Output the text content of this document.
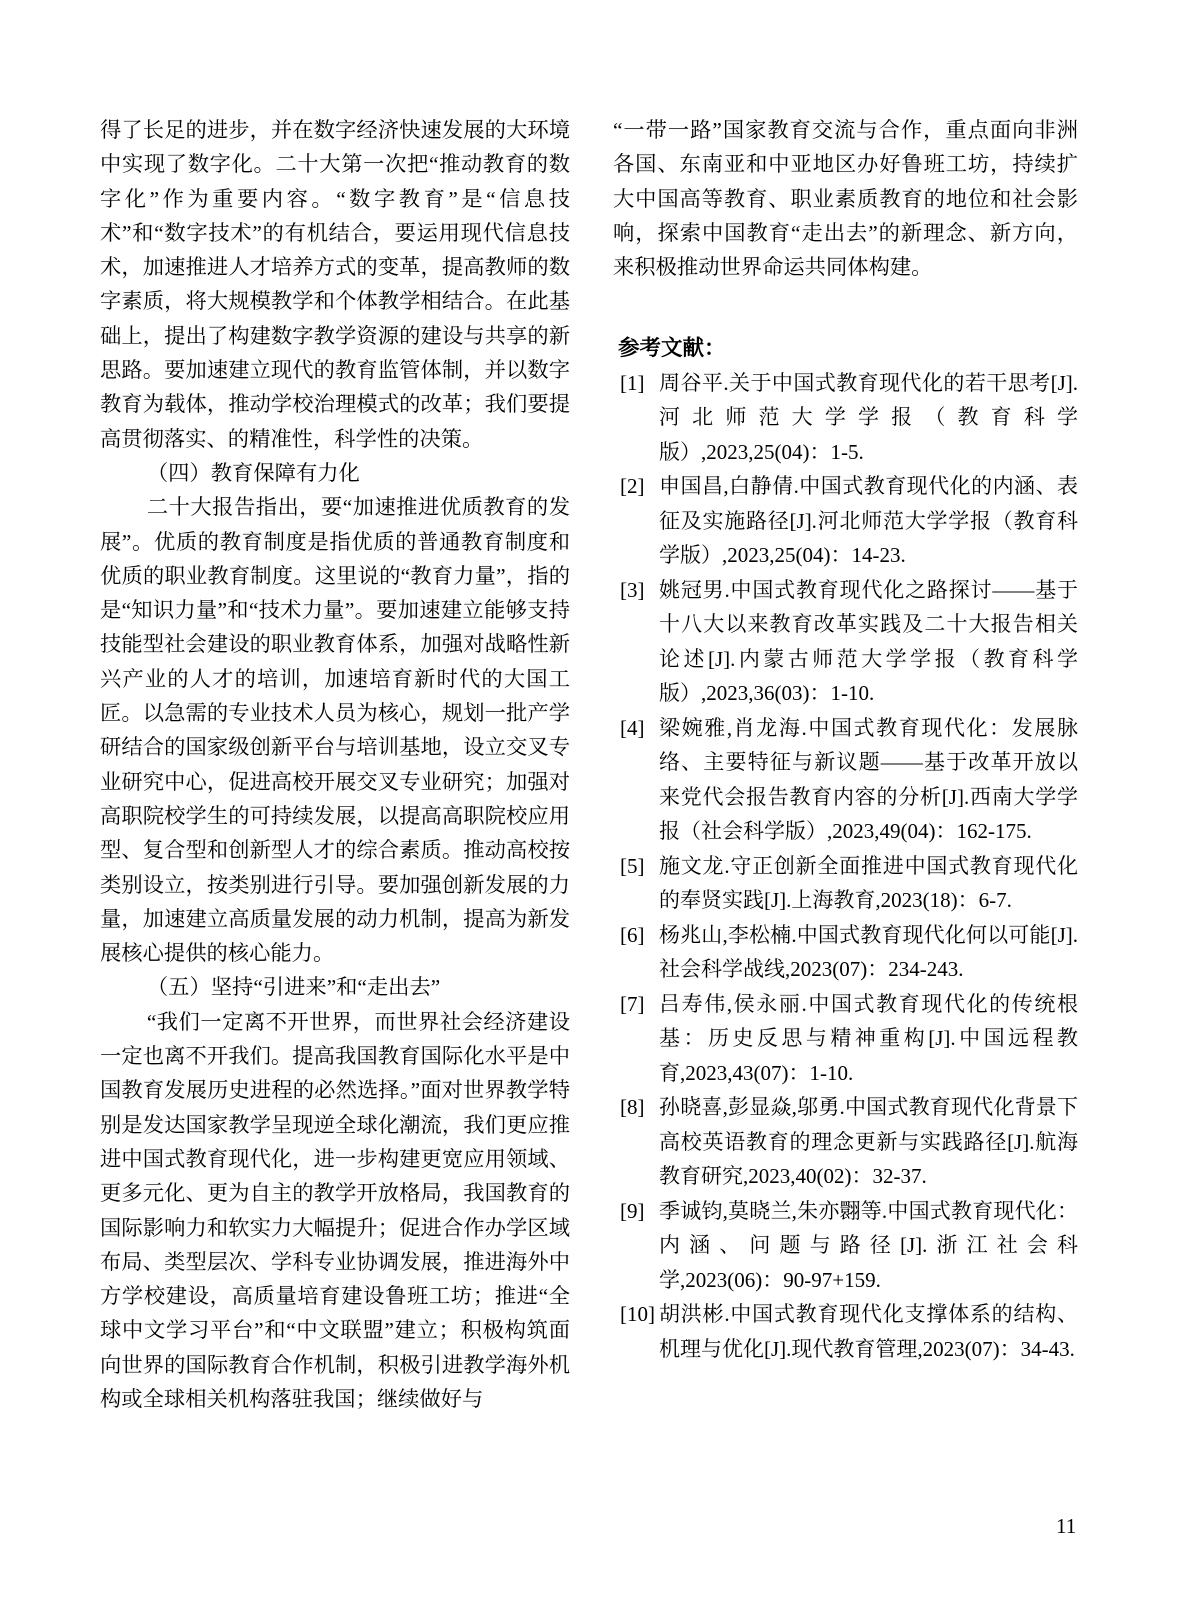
得了长足的进步，并在数字经济快速发展的大环境中实现了数字化。二十大第一次把“推动教育的数字化”作为重要内容。“数字教育”是“信息技术”和“数字技术”的有机结合，要运用现代信息技术，加速推进人才培养方式的变革，提高教师的数字素质，将大规模教学和个体教学相结合。在此基础上，提出了构建数字教学资源的建设与共享的新思路。要加速建立现代的教育监管体制，并以数字教育为载体，推动学校治理模式的改革；我们要提高贯彻落实、的精准性，科学性的决策。

（四）教育保障有力化

二十大报告指出，要“加速推进优质教育的发展”。优质的教育制度是指优质的普通教育制度和优质的职业教育制度。这里说的“教育力量”，指的是“知识力量”和“技术力量”。要加速建立能够支持技能型社会建设的职业教育体系，加强对战略性新兴产业的人才的培训，加速培育新时代的大国工匠。以急需的专业技术人员为核心，规划一批产学研结合的国家级创新平台与培训基地，设立交叉专业研究中心，促进高校开展交叉专业研究；加强对高职院校学生的可持续发展，以提高高职院校应用型、复合型和创新型人才的综合素质。推动高校按类别设立，按类别进行引导。要加强创新发展的力量，加速建立高质量发展的动力机制，提高为新发展核心提供的核心能力。

（五）坚持“引进来”和“走出去”

“我们一定离不开世界，而世界社会经济建设一定也离不开我们。提高我国教育国际化水平是中国教育发展历史进程的必然选择。”面对世界教学特别是发达国家教学呈现逆全球化潮流，我们更应推进中国式教育现代化，进一步构建更宽应用领域、更多元化、更为自主的教学开放格局，我国教育的国际影响力和软实力大幅提升；促进合作办学区域布局、类型层次、学科专业协调发展，推进海外中方学校建设，高质量培育建设鲁班工坊；推进“全球中文学习平台”和“中文联盟”建立；积极构筑面向世界的国际教育合作机制，积极引进教学海外机构或全球相关机构落驻我国；继续做好与

“一带一路”国家教育交流与合作，重点面向非洲各国、东南亚和中亚地区办好鲁班工坊，持续扩大中国高等教育、职业素质教育的地位和社会影响，探索中国教育“走出去”的新理念、新方向，来积极推动世界命运共同体构建。

参考文献：
[1] 周谷平.关于中国式教育现代化的若干思考[J].河北师范大学学报（教育科学版）,2023,25(04)：1-5.
[2] 申国昌,白静倩.中国式教育现代化的内涵、表征及实施路径[J].河北师范大学学报（教育科学版）,2023,25(04)：14-23.
[3] 姚冠男.中国式教育现代化之路探讨——基于十八大以来教育改革实践及二十大报告相关论述[J].内蒙古师范大学学报（教育科学版）,2023,36(03)：1-10.
[4] 梁婉雅,肖龙海.中国式教育现代化：发展脉络、主要特征与新议题——基于改革开放以来党代会报告教育内容的分析[J].西南大学学报（社会科学版）,2023,49(04)：162-175.
[5] 施文龙.守正创新全面推进中国式教育现代化的奉贤实践[J].上海教育,2023(18)：6-7.
[6] 杨兆山,李松楠.中国式教育现代化何以可能[J].社会科学战线,2023(07)：234-243.
[7] 吕寿伟,侯永丽.中国式教育现代化的传统根基：历史反思与精神重构[J].中国远程教育,2023,43(07)：1-10.
[8] 孙晓喜,彭显焱,邬勇.中国式教育现代化背景下高校英语教育的理念更新与实践路径[J].航海教育研究,2023,40(02)：32-37.
[9] 季诚钧,莫晓兰,朱亦翾等.中国式教育现代化：内涵、问题与路径[J].浙江社会科学,2023(06)：90-97+159.
[10] 胡洪彬.中国式教育现代化支撑体系的结构、机理与优化[J].现代教育管理,2023(07)：34-43.
11
